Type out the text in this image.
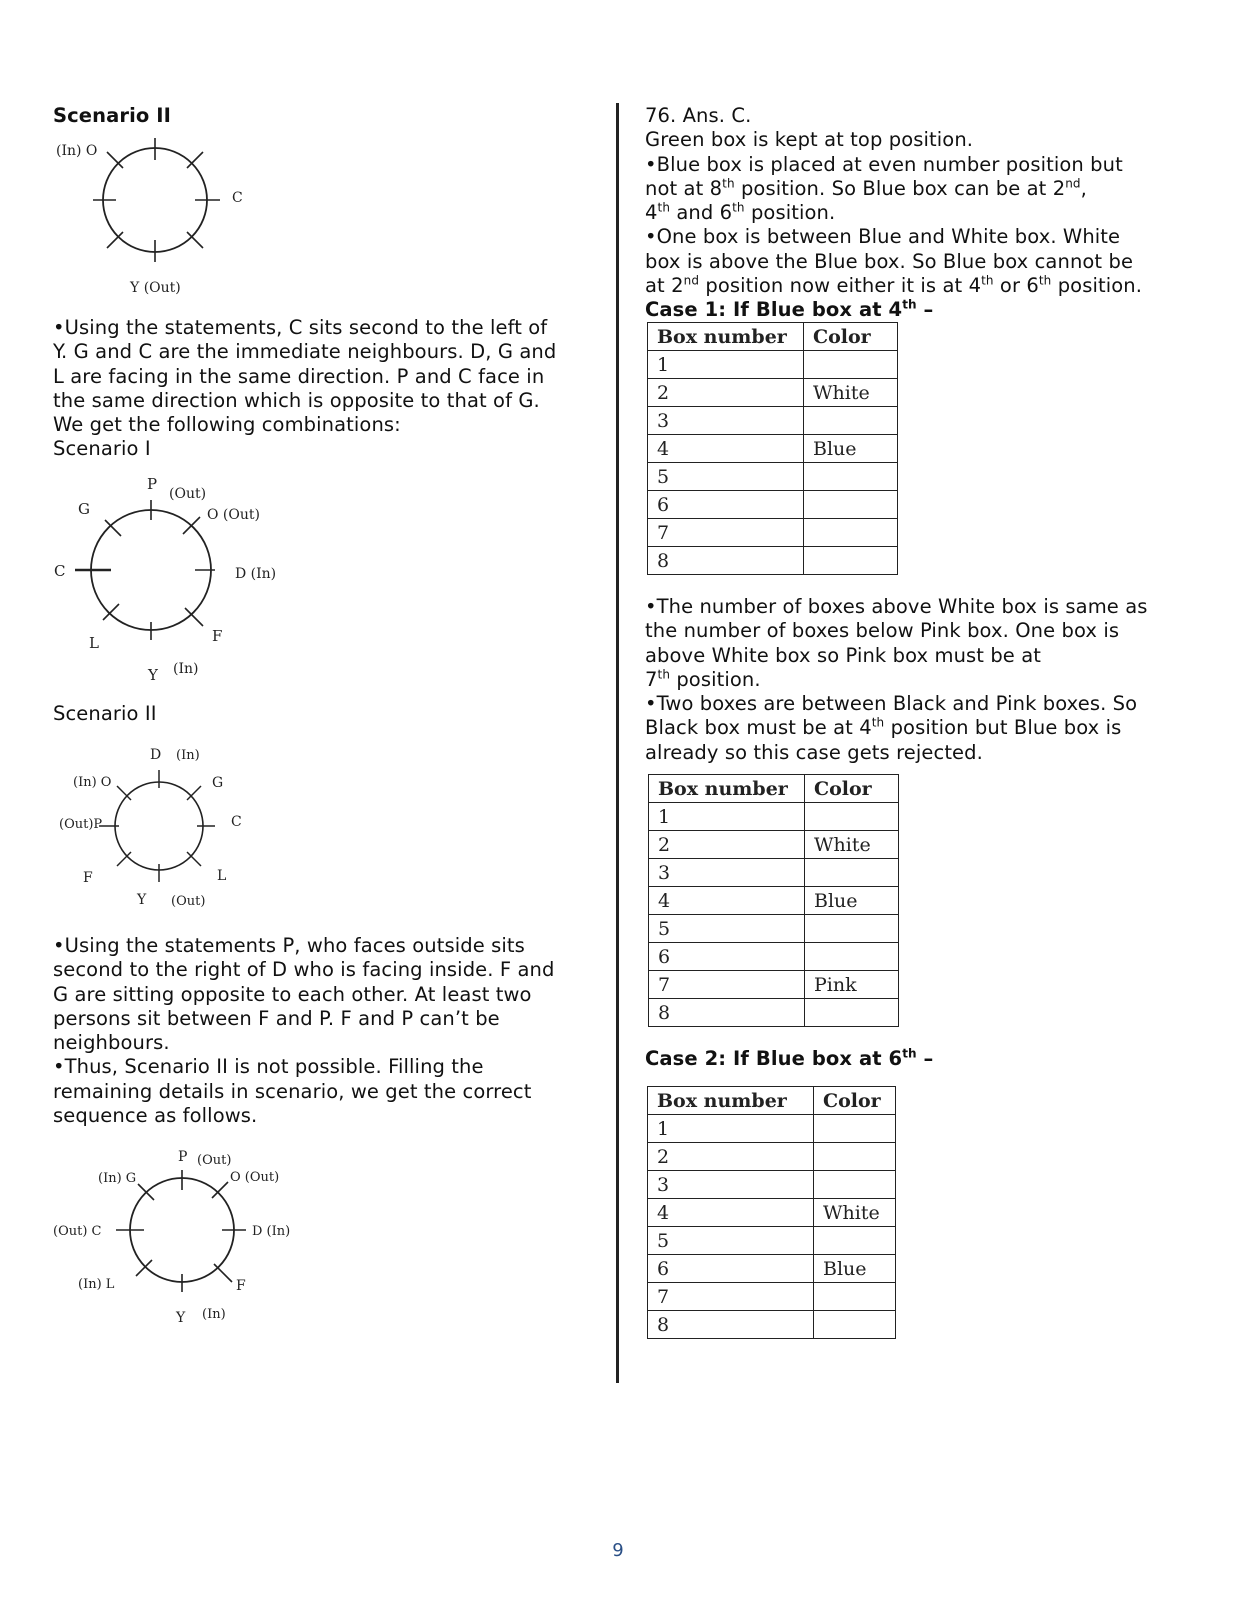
Scenario II
(In) O
C
Y (Out)
• Using the statements, C sits second to the left of
Y. G and C are the immediate neighbours. D, G and
L are facing in the same direction. P and C face in
the same direction which is opposite to that of G.
We get the following combinations:
Scenario I
P
(Out)
G	O (Out)
C	D (In)
L	F
Y (In)
Scenario II
D (In)
(In) O	G
(Out)P	C
F	L
Y (Out)
• Using the statements P, who faces outside sits
second to the right of D who is facing inside. F and
G are sitting opposite to each other. At least two
persons sit between F and P. F and P can’t be
neighbours.
• Thus, Scenario II is not possible. Filling the
remaining details in scenario, we get the correct
sequence as follows.
P (Out)
(In) G	O (Out)
(Out) C	D (In)
(In) L	F
Y (In)
76. Ans. C.
Green box is kept at top position.
• Blue box is placed at even number position but
not at 8th position. So Blue box can be at 2nd,
4th and 6th position.
• One box is between Blue and White box. White
box is above the Blue box. So Blue box cannot be
at 2nd position now either it is at 4th or 6th position.
Case 1: If Blue box at 4th –
Box number	Color
1	
2	White
3	
4	Blue
5	
6	
7	
8	
• The number of boxes above White box is same as
the number of boxes below Pink box. One box is
above White box so Pink box must be at
7th position.
• Two boxes are between Black and Pink boxes. So
Black box must be at 4th position but Blue box is
already so this case gets rejected.
Box number	Color
1	
2	White
3	
4	Blue
5	
6	
7	Pink
8	
Case 2: If Blue box at 6th –
Box number	Color
1	
2	
3	
4	White
5	
6	Blue
7	
8	
9
